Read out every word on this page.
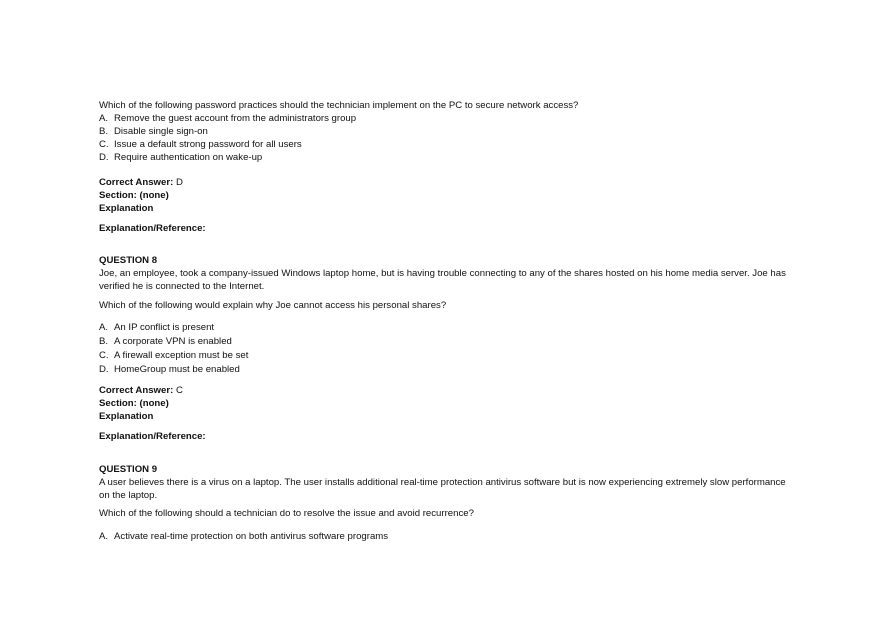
Which of the following password practices should the technician implement on the PC to secure network access?

A. Remove the guest account from the administrators group
B. Disable single sign-on
C. Issue a default strong password for all users
D. Require authentication on wake-up

Correct Answer: D

Section: (none)

Explanation

Explanation/Reference:

QUESTION 8

Joe, an employee, took a company-issued Windows laptop home, but is having trouble connecting to any of the shares hosted on his home media server. Joe has verified he is connected to the Internet.

Which of the following would explain why Joe cannot access his personal shares?

A. An IP conflict is present
B. A corporate VPN is enabled
C. A firewall exception must be set
D. HomeGroup must be enabled

Correct Answer: C

Section: (none)

Explanation

Explanation/Reference:

QUESTION 9

A user believes there is a virus on a laptop. The user installs additional real-time protection antivirus software but is now experiencing extremely slow performance on the laptop.

Which of the following should a technician do to resolve the issue and avoid recurrence?

A. Activate real-time protection on both antivirus software programs
